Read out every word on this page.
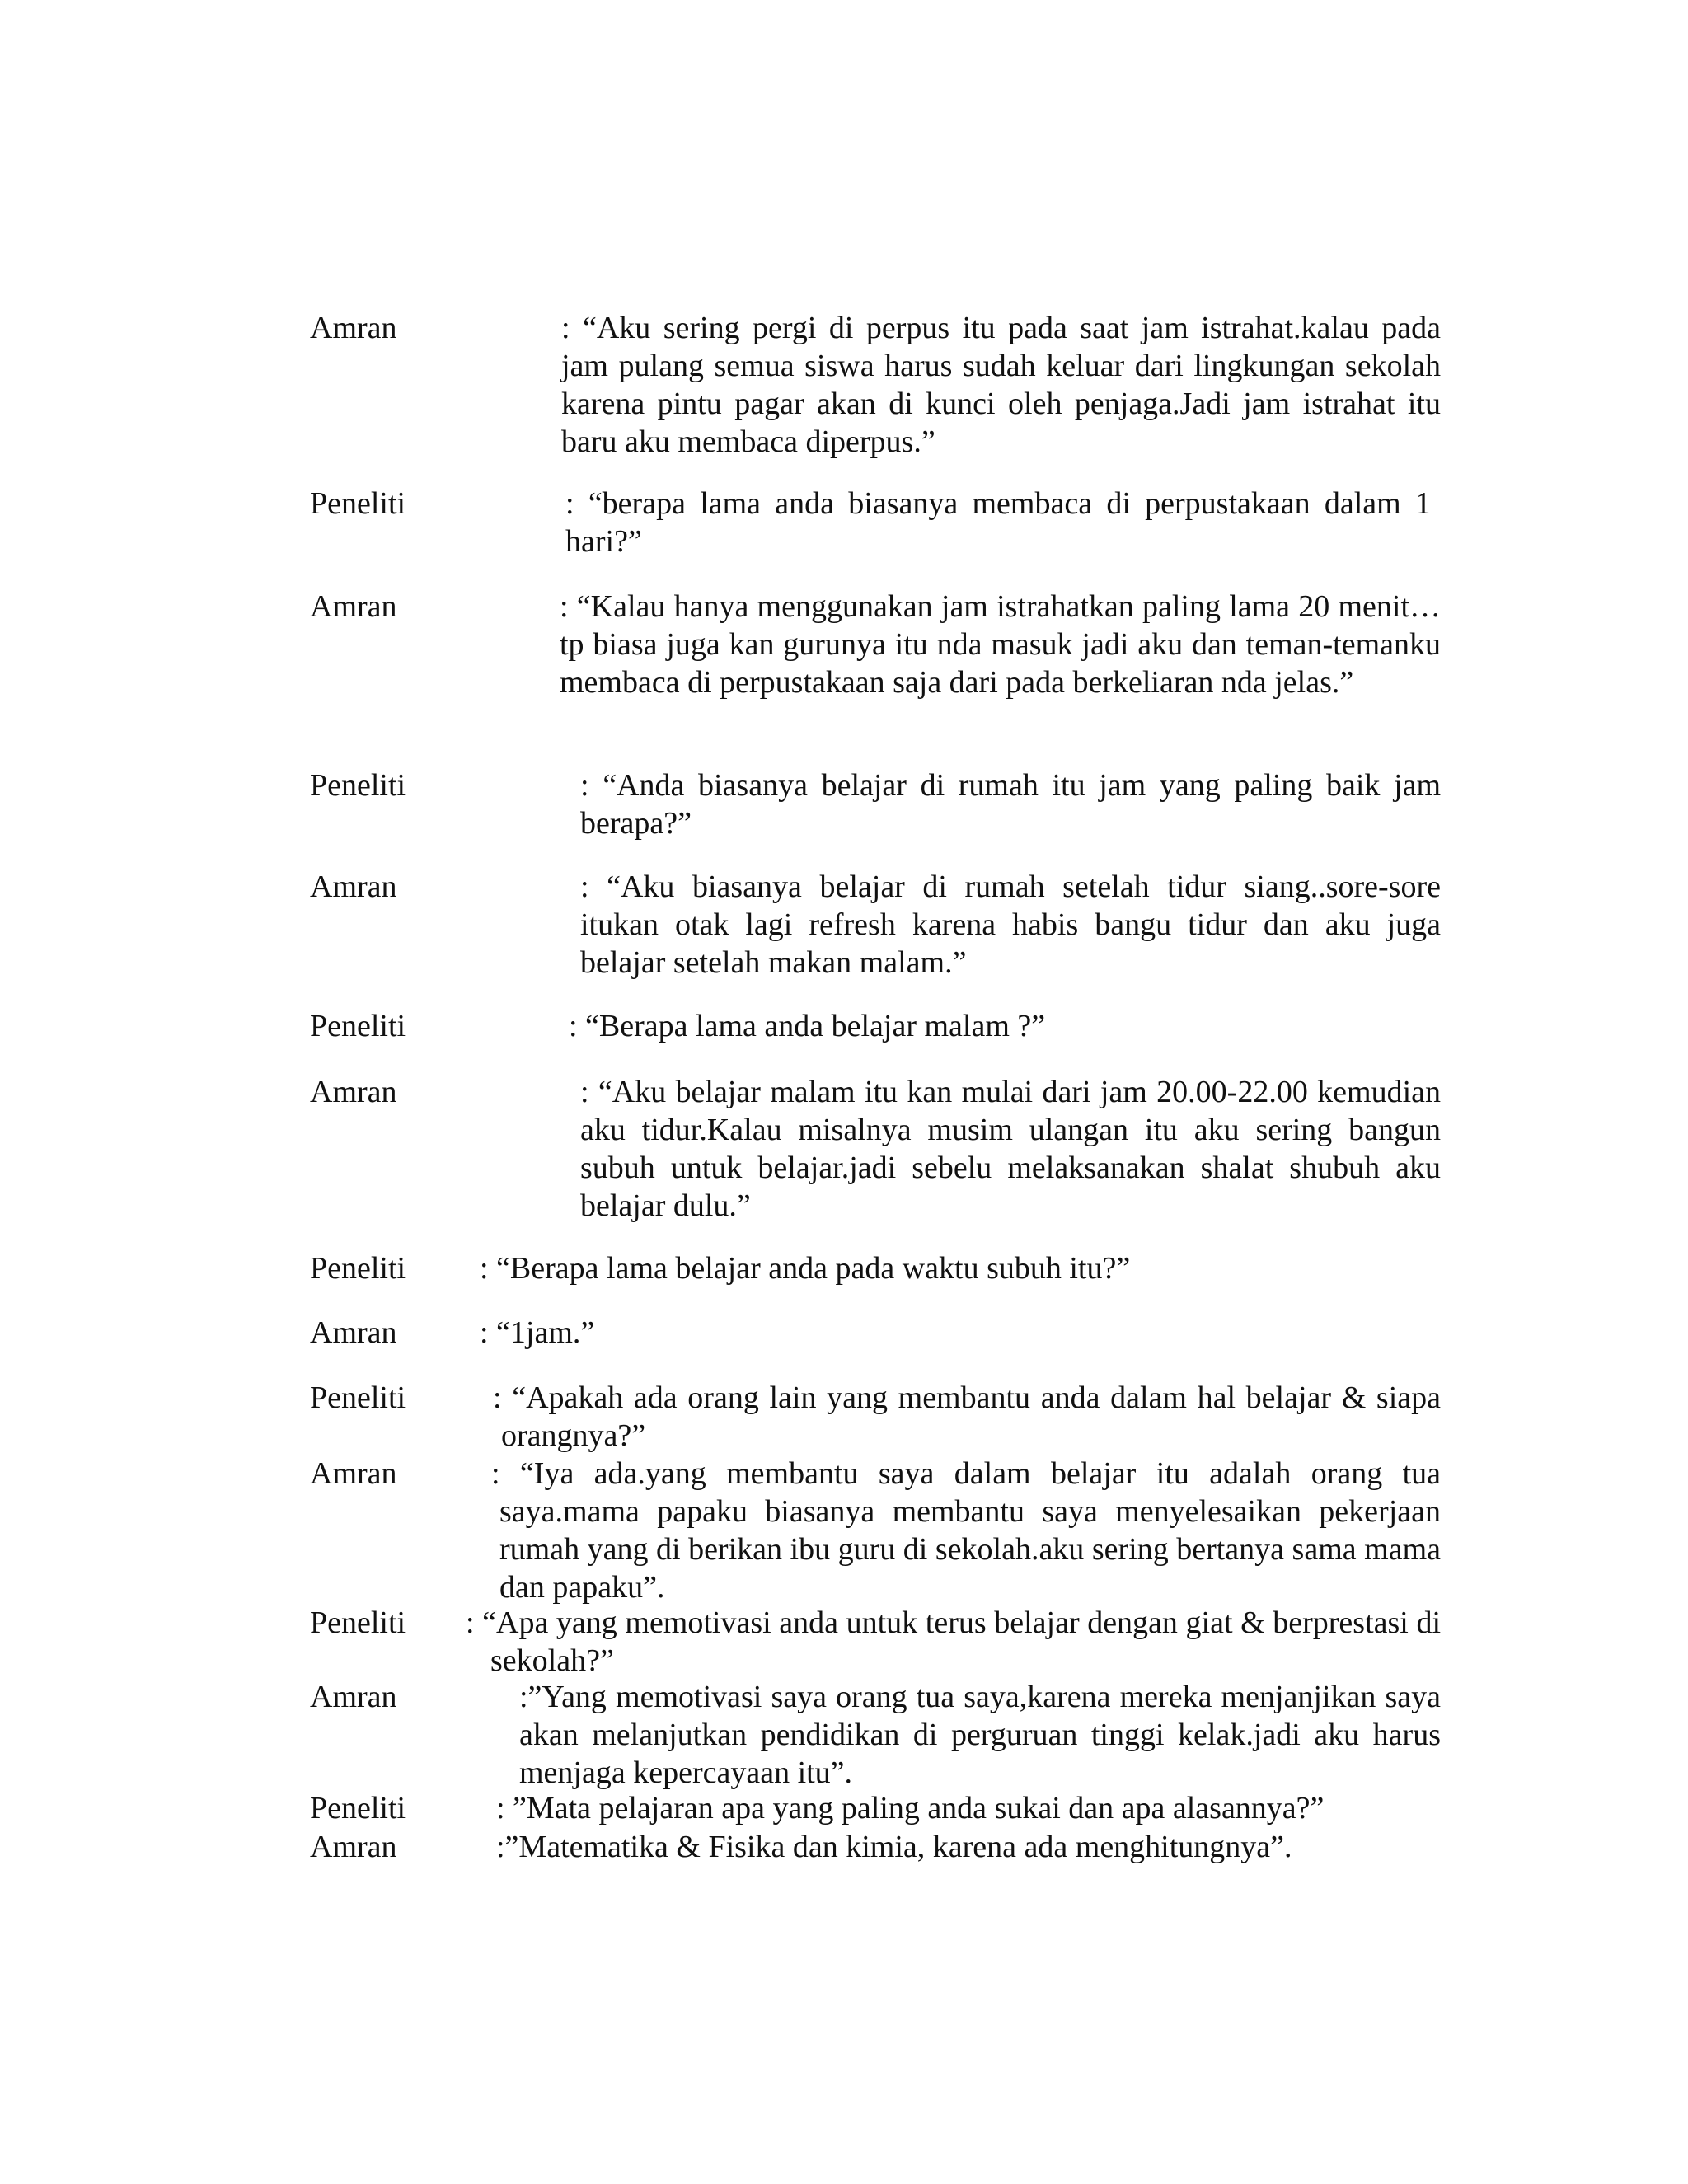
Amran	: “Aku sering pergi di perpus itu pada saat jam istrahat.kalau pada jam pulang semua siswa harus sudah keluar dari lingkungan sekolah karena pintu pagar akan di kunci oleh penjaga.Jadi jam istrahat itu baru aku membaca diperpus.”
Peneliti	: “berapa lama anda biasanya membaca di perpustakaan dalam 1 hari?”
Amran	: “Kalau hanya menggunakan jam istrahatkan paling lama 20 menit…tp biasa juga kan gurunya itu nda masuk jadi aku dan teman-temanku membaca di perpustakaan saja dari pada berkeliaran nda jelas.”
Peneliti	: “Anda biasanya belajar di rumah itu jam yang paling baik jam berapa?”
Amran	: “Aku biasanya belajar di rumah setelah tidur siang..sore-sore itukan otak lagi refresh karena habis bangu tidur dan aku juga belajar setelah makan malam.”
Peneliti	: “Berapa lama anda belajar malam ?”
Amran	: “Aku belajar malam itu kan mulai dari jam 20.00-22.00 kemudian aku tidur.Kalau misalnya musim ulangan itu aku sering bangun subuh untuk belajar.jadi sebelu melaksanakan shalat shubuh aku belajar dulu.”
Peneliti : “Berapa lama belajar anda pada waktu subuh itu?”
Amran	: “1jam.”
Peneliti	: “Apakah ada orang lain yang membantu anda dalam hal belajar & siapa orangnya?”
Amran	: “Iya ada.yang membantu saya dalam belajar itu adalah orang tua saya.mama papaku biasanya membantu saya menyelesaikan pekerjaan rumah yang di berikan ibu guru di sekolah.aku sering bertanya sama mama dan papaku”.
Peneliti : “Apa yang memotivasi anda untuk terus belajar dengan giat & berprestasi di sekolah?”
Amran	:”Yang memotivasi saya orang tua saya,karena mereka menjanjikan saya akan melanjutkan pendidikan di perguruan tinggi kelak.jadi aku harus menjaga kepercayaan itu”.
Peneliti	: ”Mata pelajaran apa yang paling anda sukai dan apa alasannya?”
Amran	:”Matematika & Fisika dan kimia, karena ada menghitungnya”.
